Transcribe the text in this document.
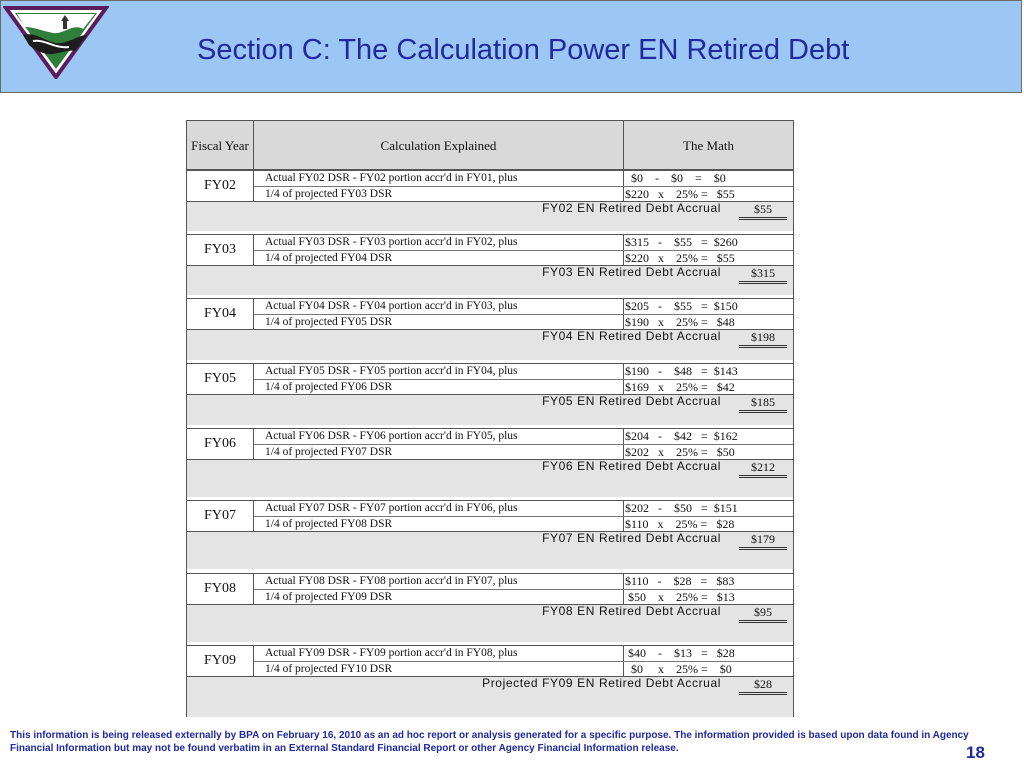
Section C: The Calculation Power EN Retired Debt
Fiscal Year	Calculation Explained	The Math
FY02	Actual FY02 DSR - FY02 portion accr'd in FY01, plus	$0    -    $0    =    $0
1/4 of projected FY03 DSR	$220   x    25% =   $55
FY02 EN Retired Debt Accrual	$55
FY03	Actual FY03 DSR - FY03 portion accr'd in FY02, plus	$315   -    $55   =  $260
1/4 of projected FY04 DSR	$220   x    25% =   $55
FY03 EN Retired Debt Accrual	$315
FY04	Actual FY04 DSR - FY04 portion accr'd in FY03, plus	$205   -    $55   =  $150
1/4 of projected FY05 DSR	$190   x    25% =   $48
FY04 EN Retired Debt Accrual	$198
FY05	Actual FY05 DSR - FY05 portion accr'd in FY04, plus	$190   -    $48   =  $143
1/4 of projected FY06 DSR	$169   x    25% =   $42
FY05 EN Retired Debt Accrual	$185
FY06	Actual FY06 DSR - FY06 portion accr'd in FY05, plus	$204   -    $42   =  $162
1/4 of projected FY07 DSR	$202   x    25% =   $50
FY06 EN Retired Debt Accrual	$212
FY07	Actual FY07 DSR - FY07 portion accr'd in FY06, plus	$202   -    $50   =  $151
1/4 of projected FY08 DSR	$110   x    25% =   $28
FY07 EN Retired Debt Accrual	$179
FY08	Actual FY08 DSR - FY08 portion accr'd in FY07, plus	$110   -    $28   =   $83
1/4 of projected FY09 DSR	$50    x    25% =   $13
FY08 EN Retired Debt Accrual	$95
FY09	Actual FY09 DSR - FY09 portion accr'd in FY08, plus	$40    -    $13   =   $28
1/4 of projected FY10 DSR	$0     x    25% =    $0
Projected FY09 EN Retired Debt Accrual	$28
This information is being released externally by BPA on February 16, 2010 as an ad hoc report or analysis generated for a specific purpose. The information provided is based upon data found in Agency Financial Information but may not be found verbatim in an External Standard Financial Report or other Agency Financial Information release.	18
